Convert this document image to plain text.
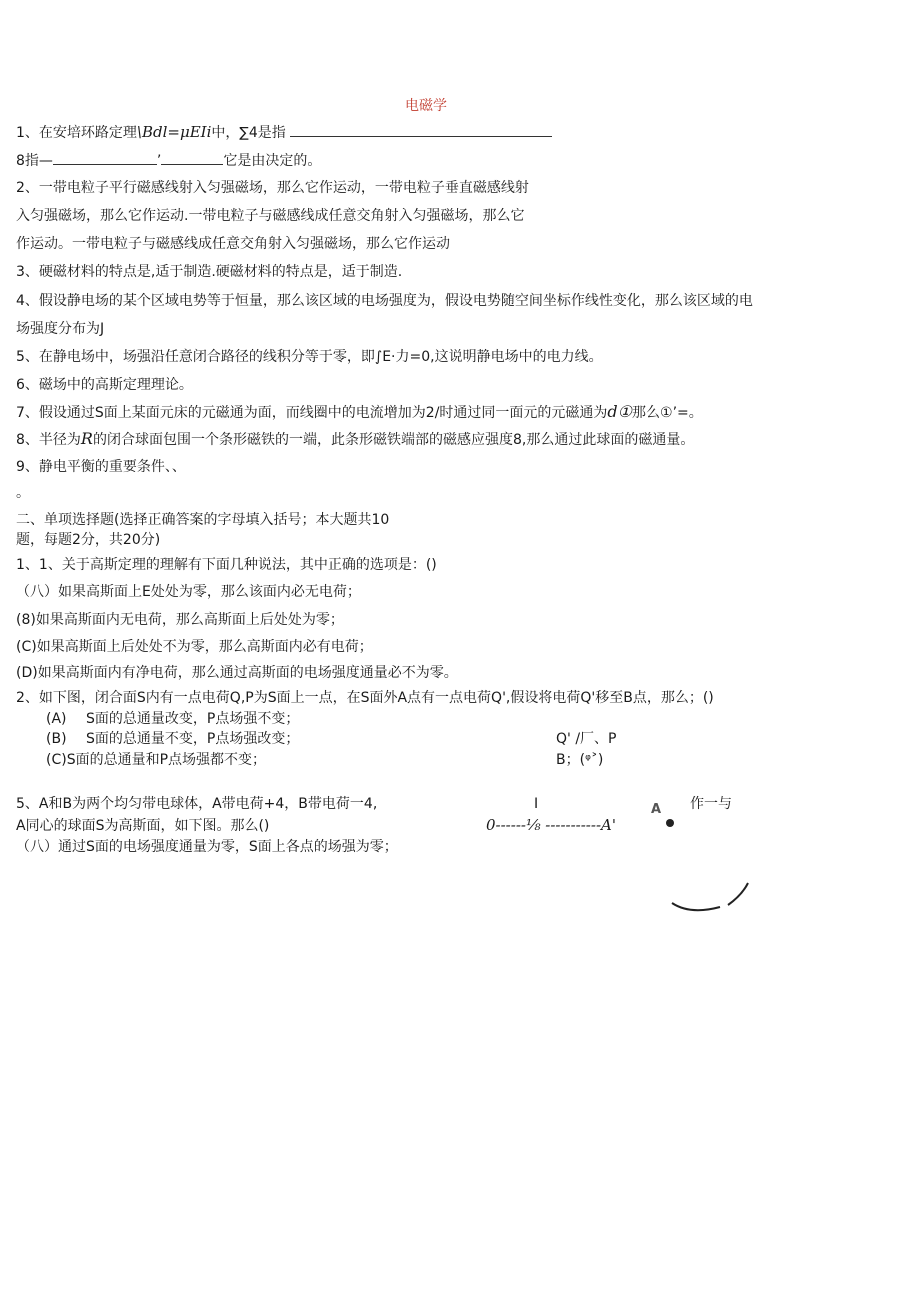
电磁学
1、在安培环路定理\Bdl=μEIi中，∑4是指
8指—	’	它是由决定的。
2、一带电粒子平行磁感线射入匀强磁场，那么它作运动，一带电粒子垂直磁感线射
入匀强磁场，那么它作运动.一带电粒子与磁感线成任意交角射入匀强磁场，那么它
作运动。一带电粒子与磁感线成任意交角射入匀强磁场，那么它作运动
3、硬磁材料的特点是,适于制造.硬磁材料的特点是，适于制造.
4、假设静电场的某个区域电势等于恒量，那么该区域的电场强度为，假设电势随空间坐标作线性变化，那么该区域的电
场强度分布为J
5、在静电场中，场强沿任意闭合路径的线积分等于零，即∫E·力=0,这说明静电场中的电力线。
6、磁场中的高斯定理理论。
7、假设通过S面上某面元床的元磁通为面，而线圈中的电流增加为2/时通过同一面元的元磁通为d①那么①’=。
8、半径为R的闭合球面包围一个条形磁铁的一端，此条形磁铁端部的磁感应强度8,那么通过此球面的磁通量。
9、静电平衡的重要条件、、
。
二、单项选择题(选择正确答案的字母填入括号；本大题共10
题，每题2分，共20分)
1、1、关于高斯定理的理解有下面几种说法，其中正确的选项是：()
（八）如果高斯面上E处处为零，那么该面内必无电荷；
(8)如果高斯面内无电荷，那么高斯面上后处处为零；
(C)如果高斯面上后处处不为零，那么高斯面内必有电荷；
(D)如果高斯面内有净电荷，那么通过高斯面的电场强度通量必不为零。
2、如下图，闭合面S内有一点电荷Q,P为S面上一点，在S面外A点有一点电荷Q',假设将电荷Q'移至B点，那么；()
(A) S面的总通量改变，P点场强不变；
(B) S面的总通量不变，P点场强改变；
(C)S面的总通量和P点场强都不变；
Q' /厂、P
B；(ᵠ˃)
5、A和B为两个均匀带电球体，A带电荷+4，B带电荷一4,
A同心的球面S为高斯面，如下图。那么()
（八）通过S面的电场强度通量为零，S面上各点的场强为零；
I	作一与
0------⅛ -----------A'
A
